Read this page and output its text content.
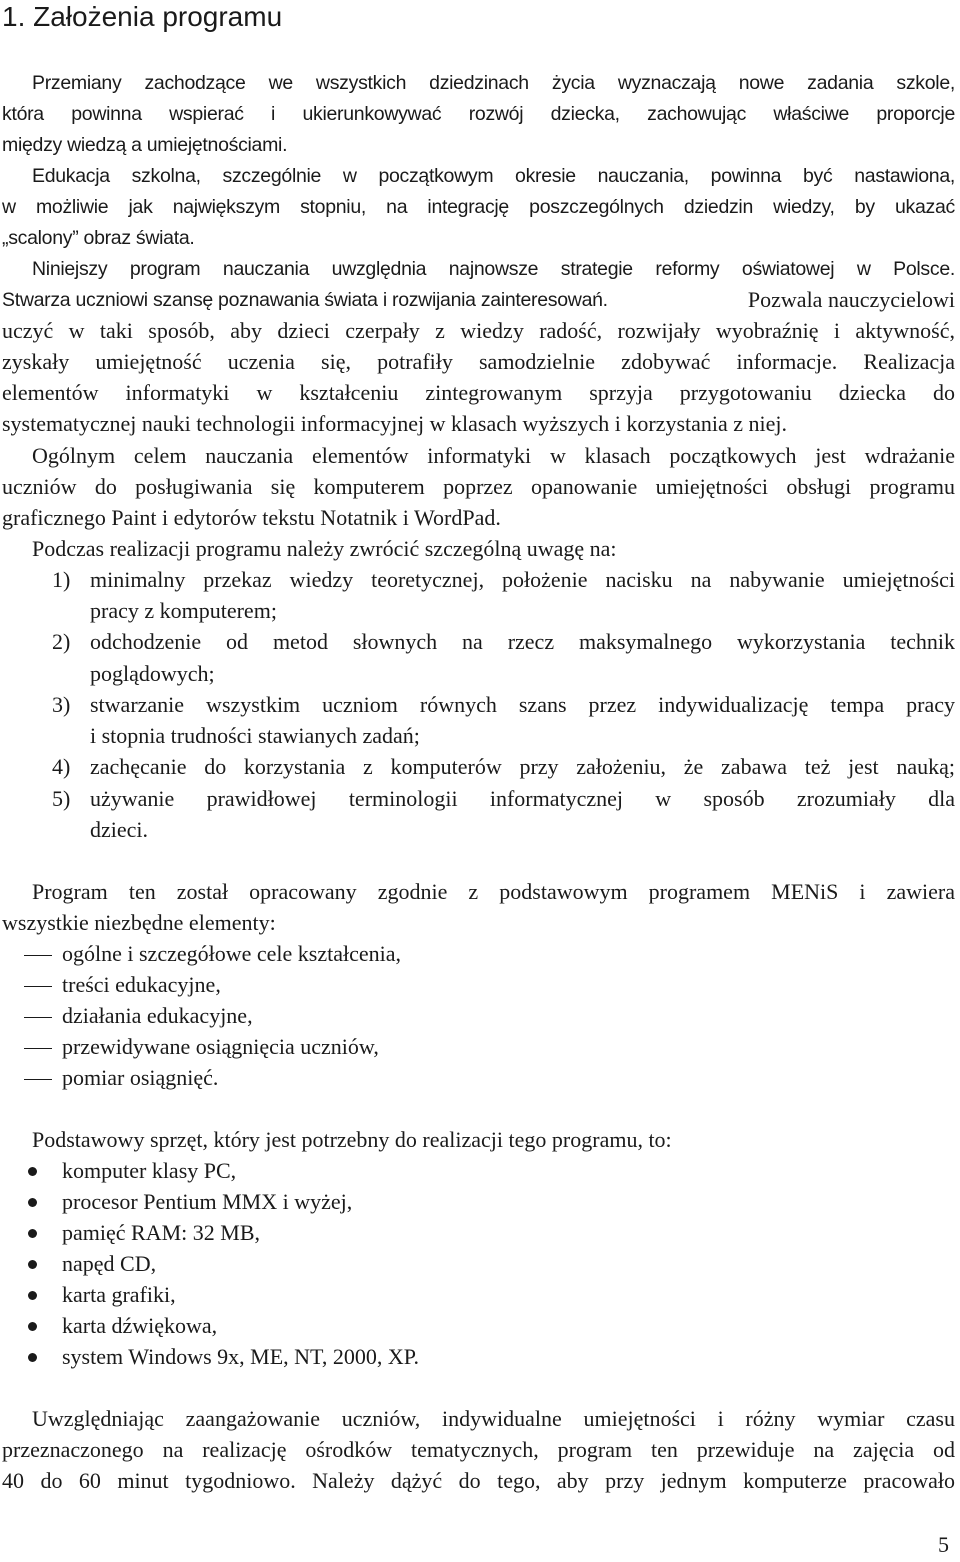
1. Założenia programu
Przemiany zachodzące we wszystkich dziedzinach życia wyznaczają nowe zadania szkole,
która powinna wspierać i ukierunkowywać rozwój dziecka, zachowując właściwe proporcje
między wiedzą a umiejętnościami.
Edukacja szkolna, szczególnie w początkowym okresie nauczania, powinna być nastawiona,
w możliwie jak największym stopniu, na integrację poszczególnych dziedzin wiedzy, by ukazać
„scalony” obraz świata.
Niniejszy program nauczania uwzględnia najnowsze strategie reformy oświatowej w Polsce.
Stwarza uczniowi szansę poznawania świata i rozwijania zainteresowań.	Pozwala nauczycielowi
uczyć w taki sposób, aby dzieci czerpały z wiedzy radość, rozwijały wyobraźnię i aktywność,
zyskały umiejętność uczenia się, potrafiły samodzielnie zdobywać informacje. Realizacja
elementów informatyki w kształceniu zintegrowanym sprzyja przygotowaniu dziecka do
systematycznej nauki technologii informacyjnej w klasach wyższych i korzystania z niej.
Ogólnym celem nauczania elementów informatyki w klasach początkowych jest wdrażanie
uczniów do posługiwania się komputerem poprzez opanowanie umiejętności obsługi programu
graficznego Paint i edytorów tekstu Notatnik i WordPad.
Podczas realizacji programu należy zwrócić szczególną uwagę na:
1) minimalny przekaz wiedzy teoretycznej, położenie nacisku na nabywanie umiejętności
pracy z komputerem;
2) odchodzenie od metod słownych na rzecz maksymalnego wykorzystania technik
poglądowych;
3) stwarzanie wszystkim uczniom równych szans przez indywidualizację tempa pracy
i stopnia trudności stawianych zadań;
4) zachęcanie do korzystania z komputerów przy założeniu, że zabawa też jest nauką;
5) używanie prawidłowej terminologii informatycznej w sposób zrozumiały dla
dzieci.
Program ten został opracowany zgodnie z podstawowym programem MENiS i zawiera
wszystkie niezbędne elementy:
ogólne i szczegółowe cele kształcenia,
treści edukacyjne,
działania edukacyjne,
przewidywane osiągnięcia uczniów,
pomiar osiągnięć.
Podstawowy sprzęt, który jest potrzebny do realizacji tego programu, to:
komputer klasy PC,
procesor Pentium MMX i wyżej,
pamięć RAM: 32 MB,
napęd CD,
karta grafiki,
karta dźwiękowa,
system Windows 9x, ME, NT, 2000, XP.
Uwzględniając zaangażowanie uczniów, indywidualne umiejętności i różny wymiar czasu
przeznaczonego na realizację ośrodków tematycznych, program ten przewiduje na zajęcia od
40 do 60 minut tygodniowo. Należy dążyć do tego, aby przy jednym komputerze pracowało
5
